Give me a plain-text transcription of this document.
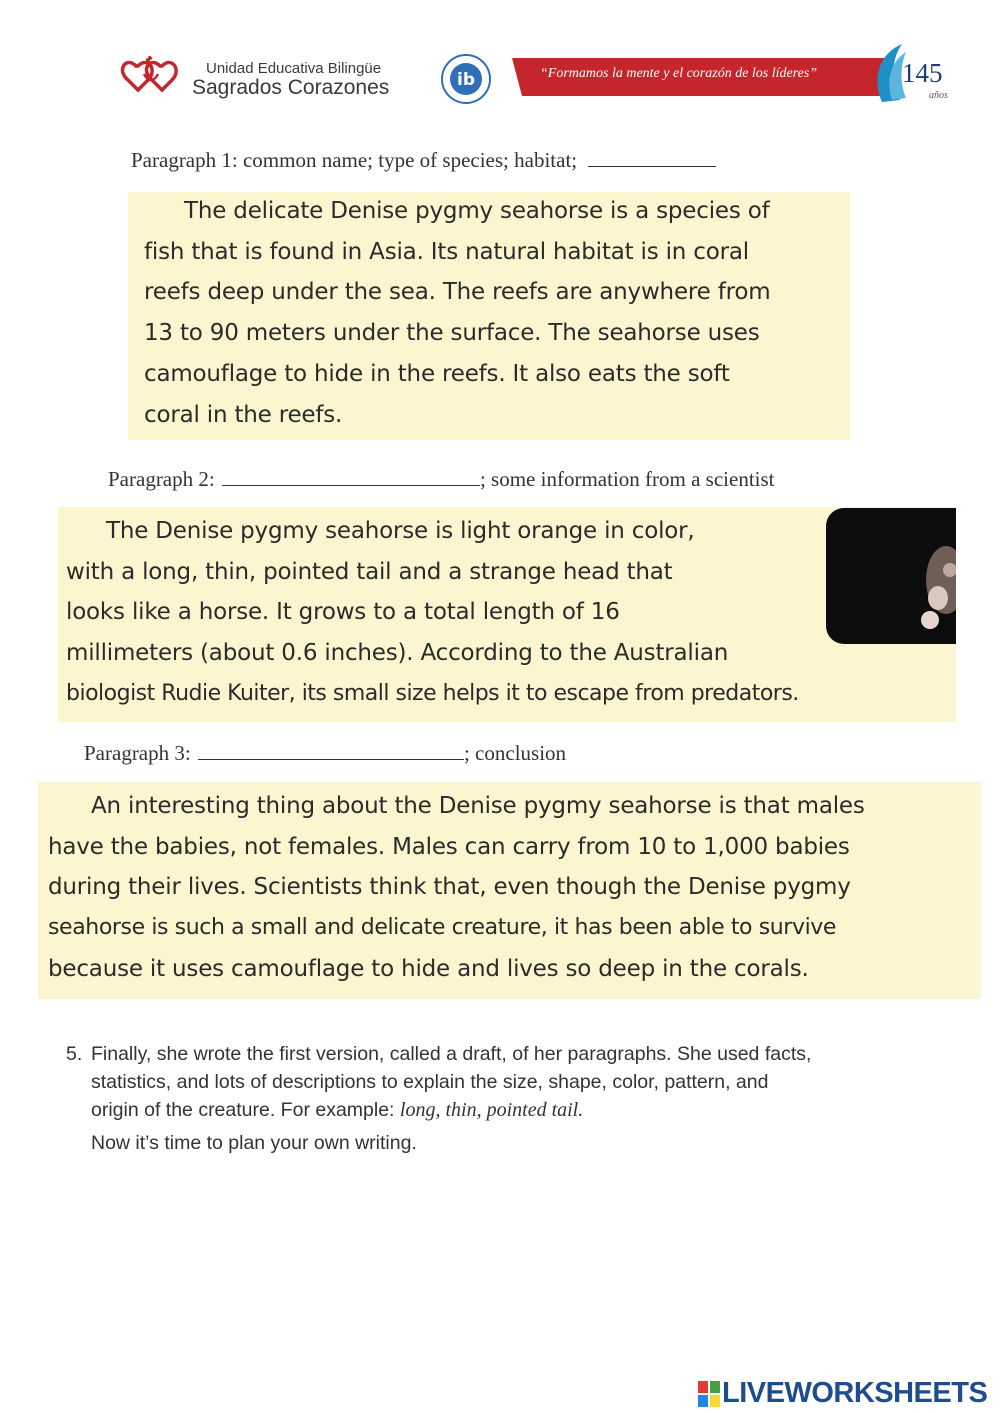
Unidad Educativa Bilingüe
Sagrados Corazones	ib	“Formamos la mente y el corazón de los líderes”	145
años
Paragraph 1: common name; type of species; habitat;
The delicate Denise pygmy seahorse is a species of
fish that is found in Asia. Its natural habitat is in coral
reefs deep under the sea. The reefs are anywhere from
13 to 90 meters under the surface. The seahorse uses
camouflage to hide in the reefs. It also eats the soft
coral in the reefs.
Paragraph 2:	; some information from a scientist
The Denise pygmy seahorse is light orange in color,
with a long, thin, pointed tail and a strange head that
looks like a horse. It grows to a total length of 16
millimeters (about 0.6 inches). According to the Australian
biologist Rudie Kuiter, its small size helps it to escape from predators.
Paragraph 3:	; conclusion
An interesting thing about the Denise pygmy seahorse is that males
have the babies, not females. Males can carry from 10 to 1,000 babies
during their lives. Scientists think that, even though the Denise pygmy
seahorse is such a small and delicate creature, it has been able to survive
because it uses camouflage to hide and lives so deep in the corals.
5. Finally, she wrote the first version, called a draft, of her paragraphs. She used facts,
statistics, and lots of descriptions to explain the size, shape, color, pattern, and
origin of the creature. For example: long, thin, pointed tail.
Now it’s time to plan your own writing.
LIVEWORKSHEETS
